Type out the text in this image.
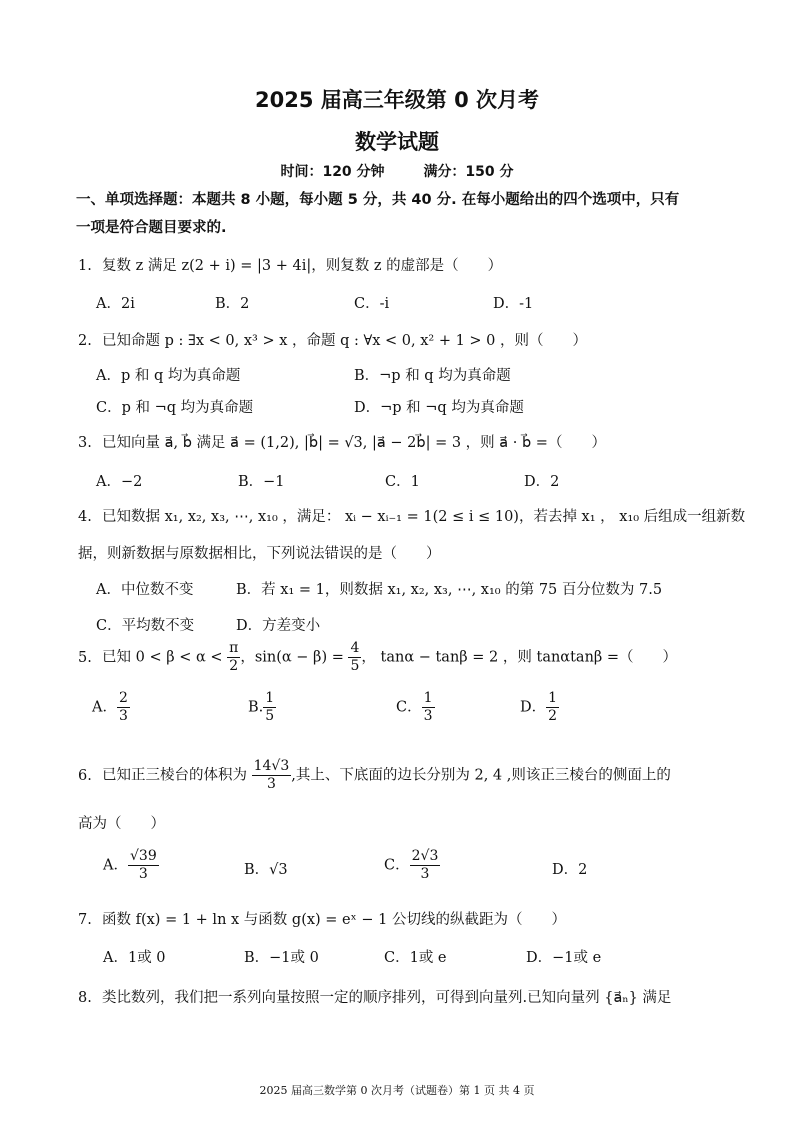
2025 届高三年级第 0 次月考
数学试题
时间：120 分钟	满分：150 分
一、单项选择题：本题共 8 小题，每小题 5 分，共 40 分. 在每小题给出的四个选项中，只有
一项是符合题目要求的.
1. 复数 z 满足 z(2 + i) = |3 + 4i|，则复数 z 的虚部是（　　）
A．2i	B．2	C．-i	D．-1
2. 已知命题 p : ∃x < 0, x³ > x ，命题 q : ∀x < 0, x² + 1 > 0 ，则（　　）
A．p 和 q 均为真命题	B．¬p 和 q 均为真命题
C．p 和 ¬q 均为真命题	D．¬p 和 ¬q 均为真命题
3. 已知向量 a⃗, b⃗ 满足 a⃗ = (1,2), |b⃗| = √3, |a⃗ − 2b⃗| = 3 ，则 a⃗ · b⃗ =（　　）
A．−2	B．−1	C．1	D．2
4. 已知数据 x₁, x₂, x₃, ⋯, x₁₀ ，满足： xᵢ − xᵢ₋₁ = 1(2 ≤ i ≤ 10)，若去掉 x₁ ， x₁₀ 后组成一组新数
据，则新数据与原数据相比，下列说法错误的是（　　）
A．中位数不变	B．若 x₁ = 1，则数据 x₁, x₂, x₃, ⋯, x₁₀ 的第 75 百分位数为 7.5
C．平均数不变	D．方差变小
5. 已知 $0 < \beta < \alpha < \frac{\pi}{2}$ ，$\sin(\alpha - \beta) = \frac{4}{5}$ ， tanα − tanβ = 2 ，则 tanαtanβ =（　　）
A． $\frac{2}{3}$	B. $\frac{1}{5}$	C． $\frac{1}{3}$	D． $\frac{1}{2}$
6. 已知正三棱台的体积为 $\frac{14√3}{3}$ ,其上、下底面的边长分别为 2, 4 ,则该正三棱台的侧面上的
高为（　　）
A． $\frac{√39}{3}$	B．√3	C． $\frac{2√3}{3}$	D．2
7. 函数 f(x) = 1 + ln x 与函数 g(x) = eˣ − 1 公切线的纵截距为（　　）
A．1或 0	B．−1或 0	C．1或 e	D．−1或 e
8. 类比数列，我们把一系列向量按照一定的顺序排列，可得到向量列.已知向量列 {a⃗ₙ} 满足
2025 届高三数学第 0 次月考（试题卷）第 1 页 共 4 页
